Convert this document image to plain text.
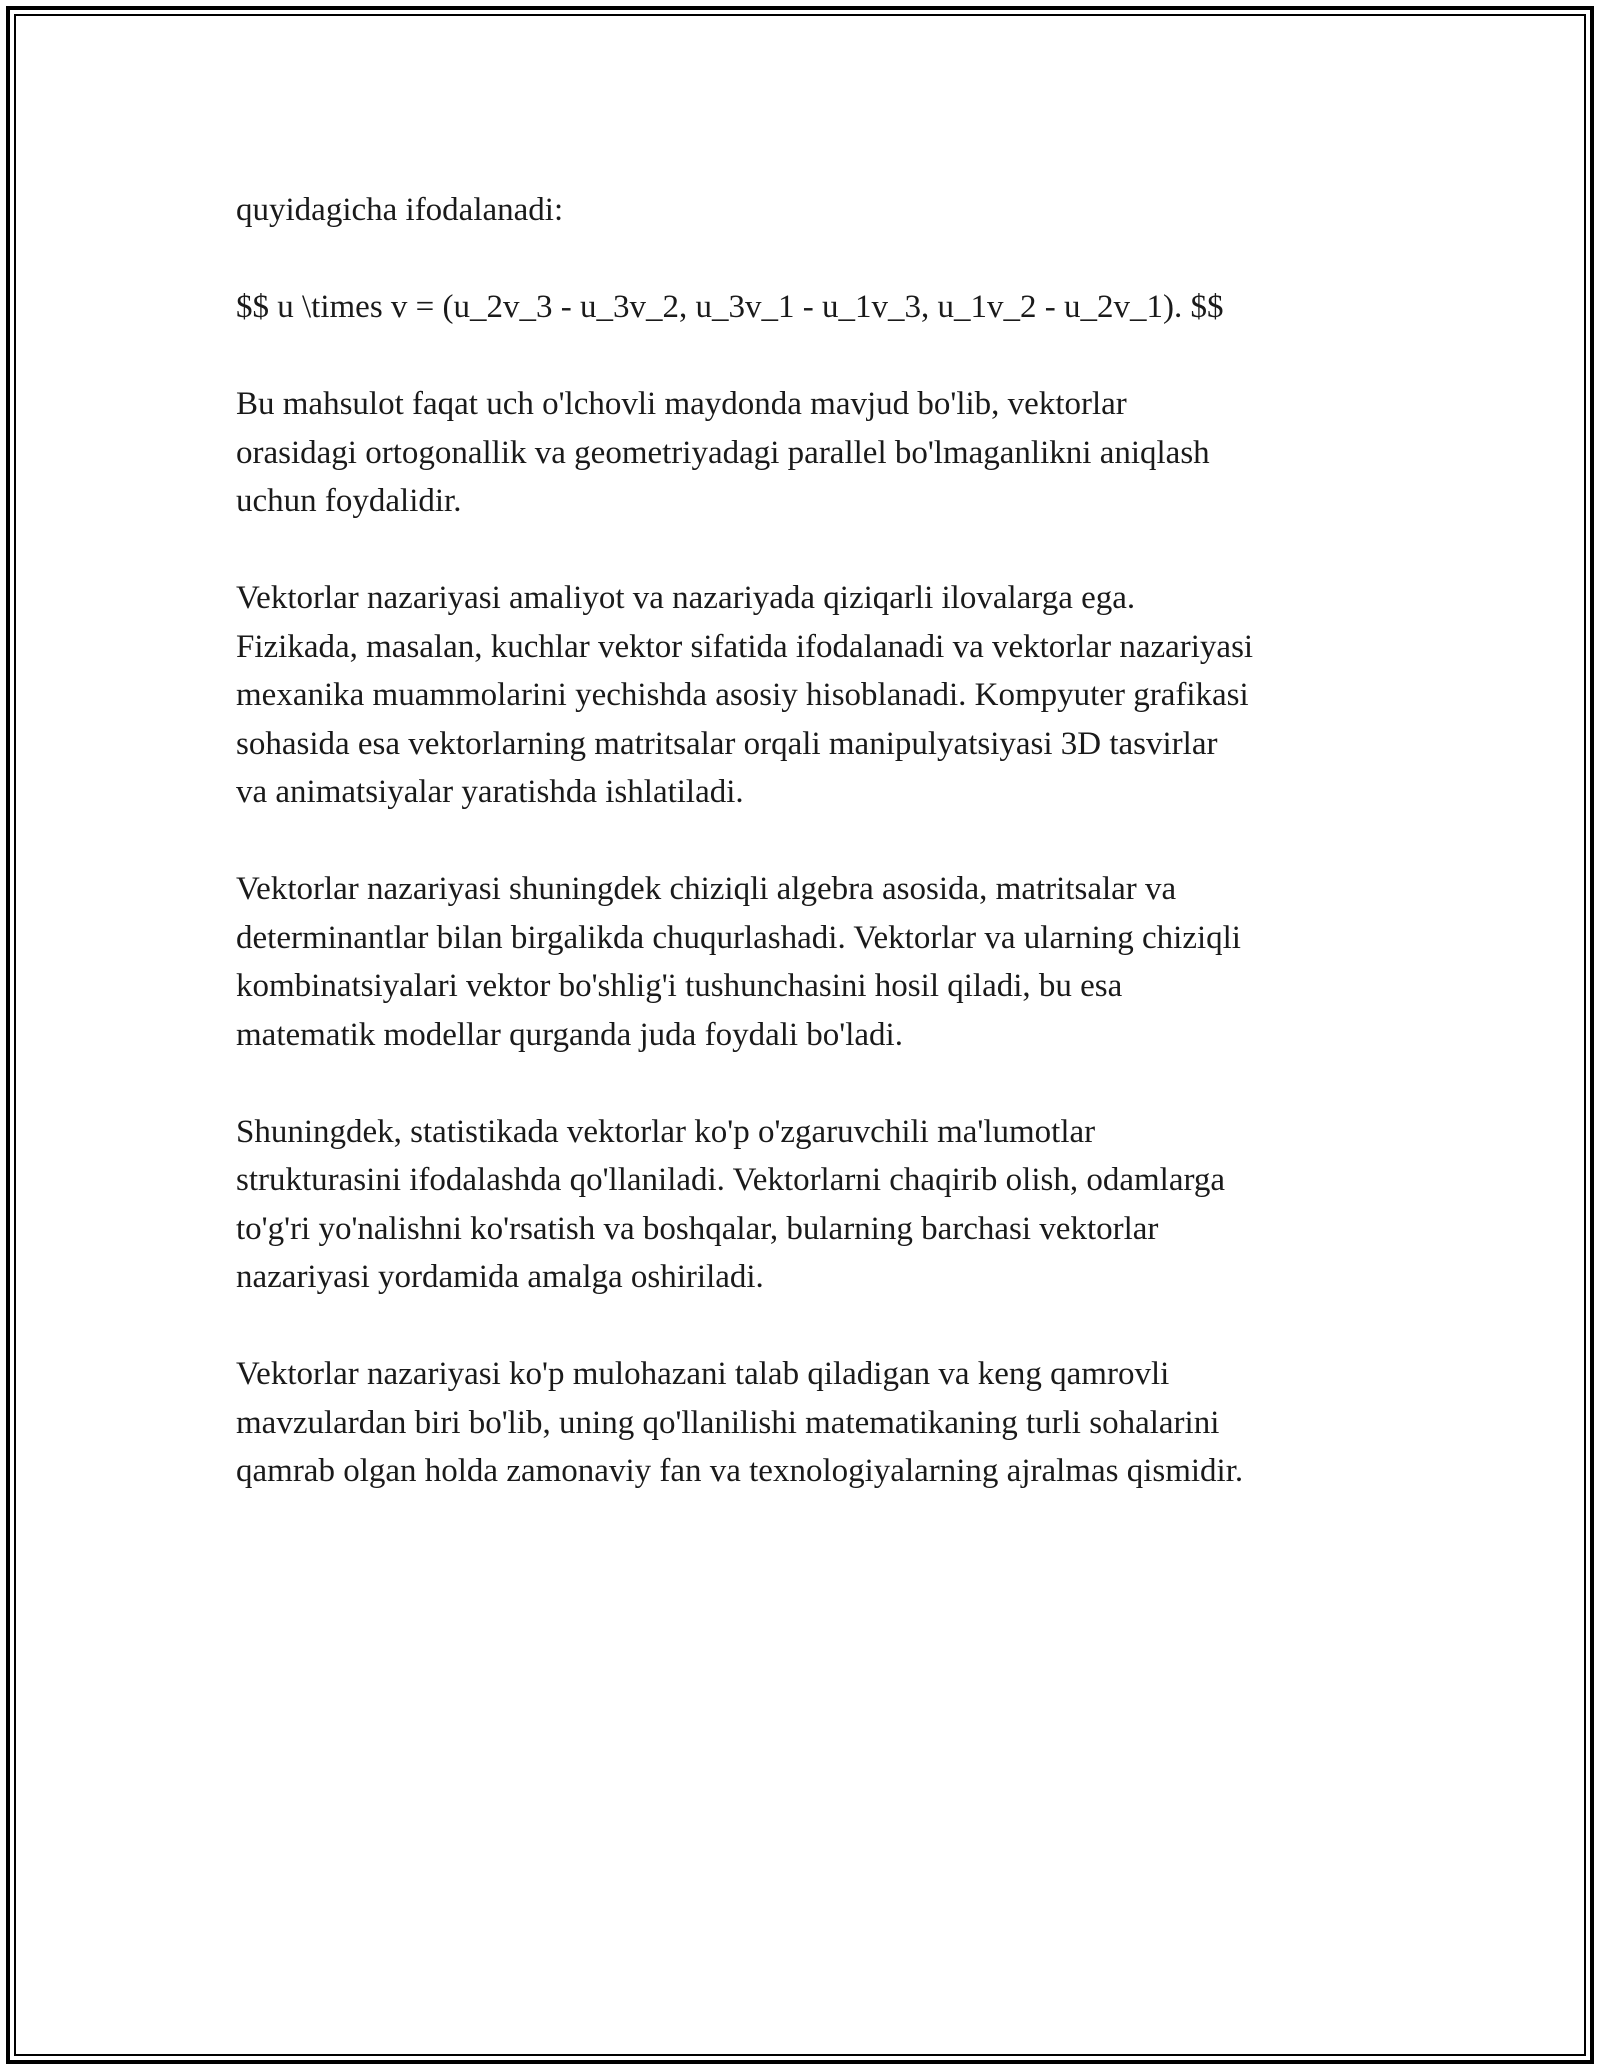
quyidagicha ifodalanadi:

$$ u \times v = (u_2v_3 - u_3v_2, u_3v_1 - u_1v_3, u_1v_2 - u_2v_1). $$

Bu mahsulot faqat uch o'lchovli maydonda mavjud bo'lib, vektorlar
orasidagi ortogonallik va geometriyadagi parallel bo'lmaganlikni aniqlash
uchun foydalidir.

Vektorlar nazariyasi amaliyot va nazariyada qiziqarli ilovalarga ega.
Fizikada, masalan, kuchlar vektor sifatida ifodalanadi va vektorlar nazariyasi
mexanika muammolarini yechishda asosiy hisoblanadi. Kompyuter grafikasi
sohasida esa vektorlarning matritsalar orqali manipulyatsiyasi 3D tasvirlar
va animatsiyalar yaratishda ishlatiladi.

Vektorlar nazariyasi shuningdek chiziqli algebra asosida, matritsalar va
determinantlar bilan birgalikda chuqurlashadi. Vektorlar va ularning chiziqli
kombinatsiyalari vektor bo'shlig'i tushunchasini hosil qiladi, bu esa
matematik modellar qurganda juda foydali bo'ladi.

Shuningdek, statistikada vektorlar ko'p o'zgaruvchili ma'lumotlar
strukturasini ifodalashda qo'llaniladi. Vektorlarni chaqirib olish, odamlarga
to'g'ri yo'nalishni ko'rsatish va boshqalar, bularning barchasi vektorlar
nazariyasi yordamida amalga oshiriladi.

Vektorlar nazariyasi ko'p mulohazani talab qiladigan va keng qamrovli
mavzulardan biri bo'lib, uning qo'llanilishi matematikaning turli sohalarini
qamrab olgan holda zamonaviy fan va texnologiyalarning ajralmas qismidir.
